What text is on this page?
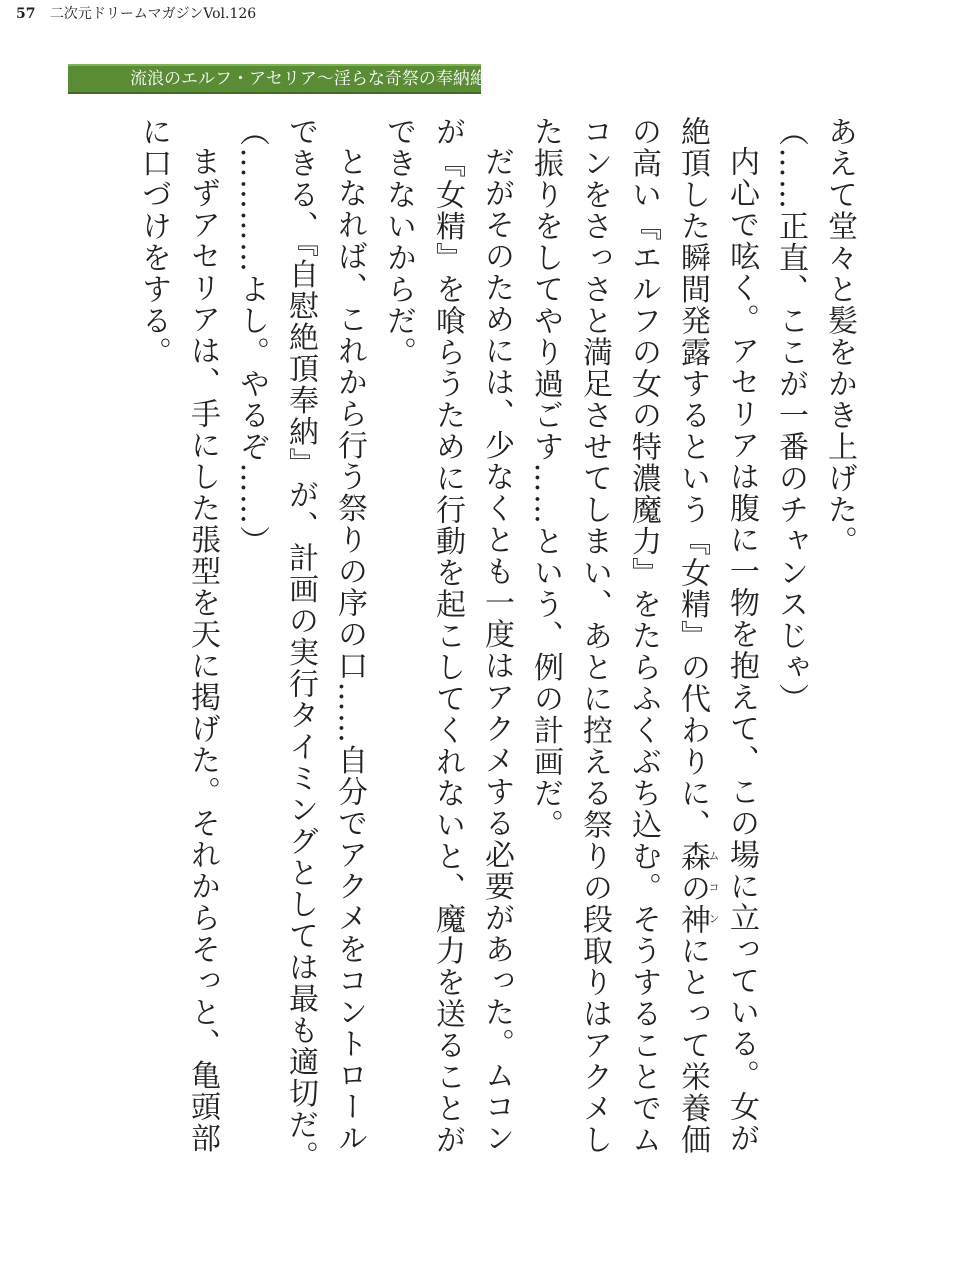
57 二次元ドリームマガジンVol.126
流浪のエルフ・アセリア〜淫らな奇祭の奉納絶頂〜

あえて堂々と髪をかき上げた。

（……正直、ここが一番のチャンスじゃ）

内心で呟く。アセリアは腹に一物を抱えて、この場に立っている。女が絶頂した瞬間発露するという『女精』の代わりに、森の神ムコンにとって栄養価の高い『エルフの女の特濃魔力』をたらふくぶち込む。そうすることでムコンをさっさと満足させてしまい、あとに控える祭りの段取りはアクメした振りをしてやり過ごす……という、例の計画だ。

だがそのためには、少なくとも一度はアクメする必要があった。ムコンが『女精』を喰らうために行動を起こしてくれないと、魔力を送ることができないからだ。

となれば、これから行う祭りの序の口……自分でアクメをコントロールできる、『自慰絶頂奉納』が、計画の実行タイミングとしては最も適切だ。

（…………よし。やるぞ……）

まずアセリアは、手にした張型を天に掲げた。それからそっと、亀頭部に口づけをする。
